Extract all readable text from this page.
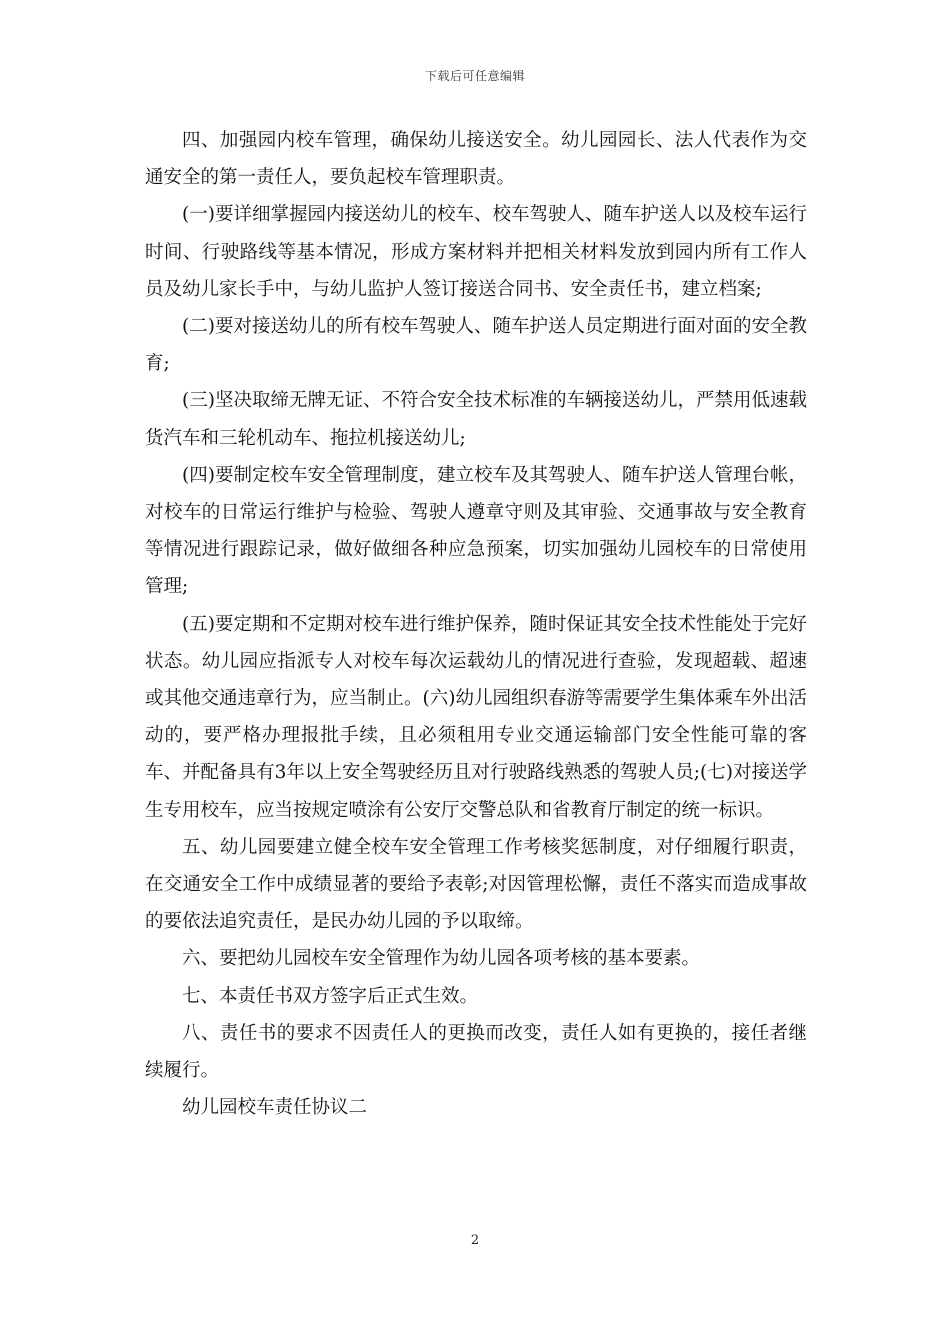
下载后可任意编辑

四、加强园内校车管理，确保幼儿接送安全。幼儿园园长、法人代表作为交通安全的第一责任人，要负起校车管理职责。

(一)要详细掌握园内接送幼儿的校车、校车驾驶人、随车护送人以及校车运行时间、行驶路线等基本情况，形成方案材料并把相关材料发放到园内所有工作人员及幼儿家长手中，与幼儿监护人签订接送合同书、安全责任书，建立档案;

(二)要对接送幼儿的所有校车驾驶人、随车护送人员定期进行面对面的安全教育;

(三)坚决取缔无牌无证、不符合安全技术标准的车辆接送幼儿，严禁用低速载货汽车和三轮机动车、拖拉机接送幼儿;

(四)要制定校车安全管理制度，建立校车及其驾驶人、随车护送人管理台帐，对校车的日常运行维护与检验、驾驶人遵章守则及其审验、交通事故与安全教育等情况进行跟踪记录，做好做细各种应急预案，切实加强幼儿园校车的日常使用管理;

(五)要定期和不定期对校车进行维护保养，随时保证其安全技术性能处于完好状态。幼儿园应指派专人对校车每次运载幼儿的情况进行查验，发现超载、超速或其他交通违章行为，应当制止。(六)幼儿园组织春游等需要学生集体乘车外出活动的，要严格办理报批手续，且必须租用专业交通运输部门安全性能可靠的客车、并配备具有3年以上安全驾驶经历且对行驶路线熟悉的驾驶人员;(七)对接送学生专用校车，应当按规定喷涂有公安厅交警总队和省教育厅制定的统一标识。

五、幼儿园要建立健全校车安全管理工作考核奖惩制度，对仔细履行职责，在交通安全工作中成绩显著的要给予表彰;对因管理松懈，责任不落实而造成事故的要依法追究责任，是民办幼儿园的予以取缔。

六、要把幼儿园校车安全管理作为幼儿园各项考核的基本要素。

七、本责任书双方签字后正式生效。

八、责任书的要求不因责任人的更换而改变，责任人如有更换的，接任者继续履行。

幼儿园校车责任协议二

2
